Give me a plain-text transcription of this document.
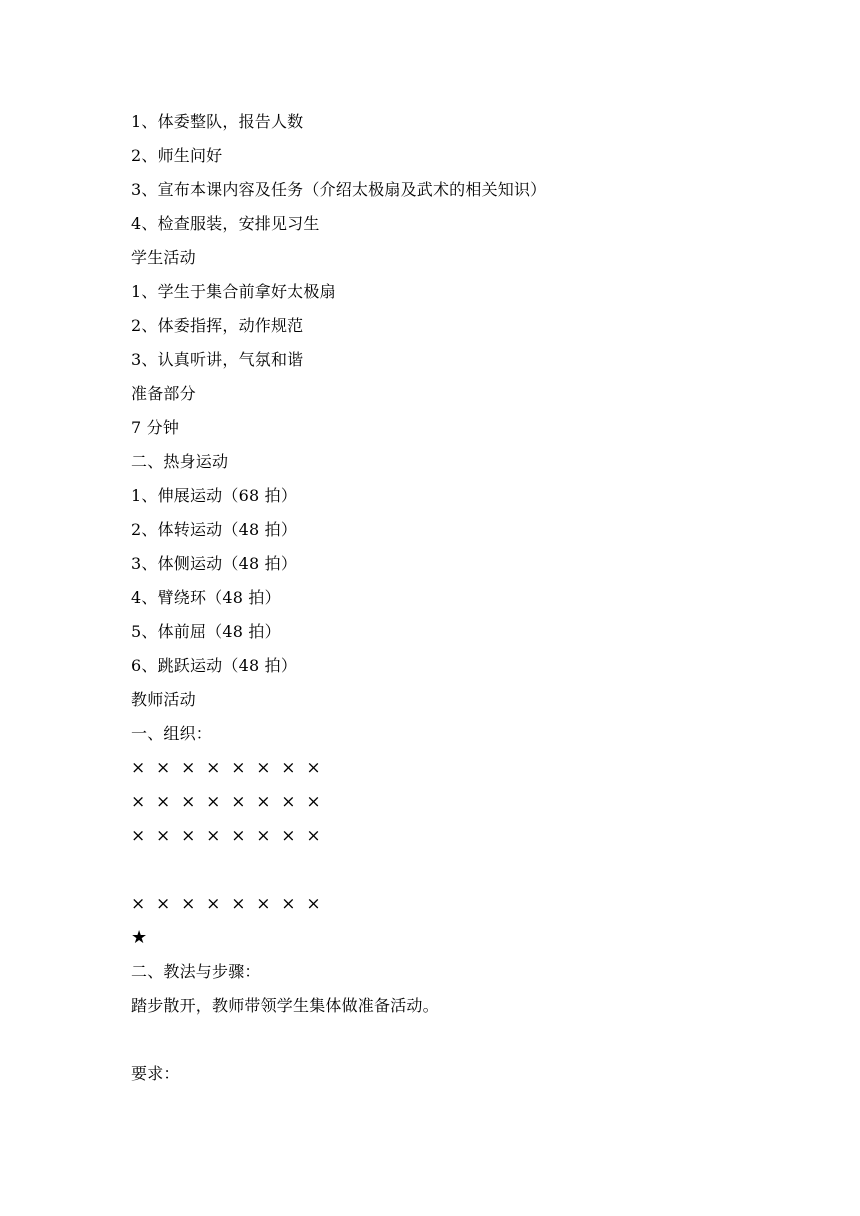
1、体委整队，报告人数
2、师生问好
3、宣布本课内容及任务（介绍太极扇及武术的相关知识）
4、检查服装，安排见习生
学生活动
1、学生于集合前拿好太极扇
2、体委指挥，动作规范
3、认真听讲，气氛和谐
准备部分
7 分钟
二、热身运动
1、伸展运动（68 拍）
2、体转运动（48 拍）
3、体侧运动（48 拍）
4、臂绕环（48 拍）
5、体前屈（48 拍）
6、跳跃运动（48 拍）
教师活动
一、组织：
×  ×  ×  ×  ×  ×  ×  ×
×  ×  ×  ×  ×  ×  ×  ×
×  ×  ×  ×  ×  ×  ×  ×
×  ×  ×  ×  ×  ×  ×  ×
★
二、教法与步骤：
踏步散开，教师带领学生集体做准备活动。
要求：
